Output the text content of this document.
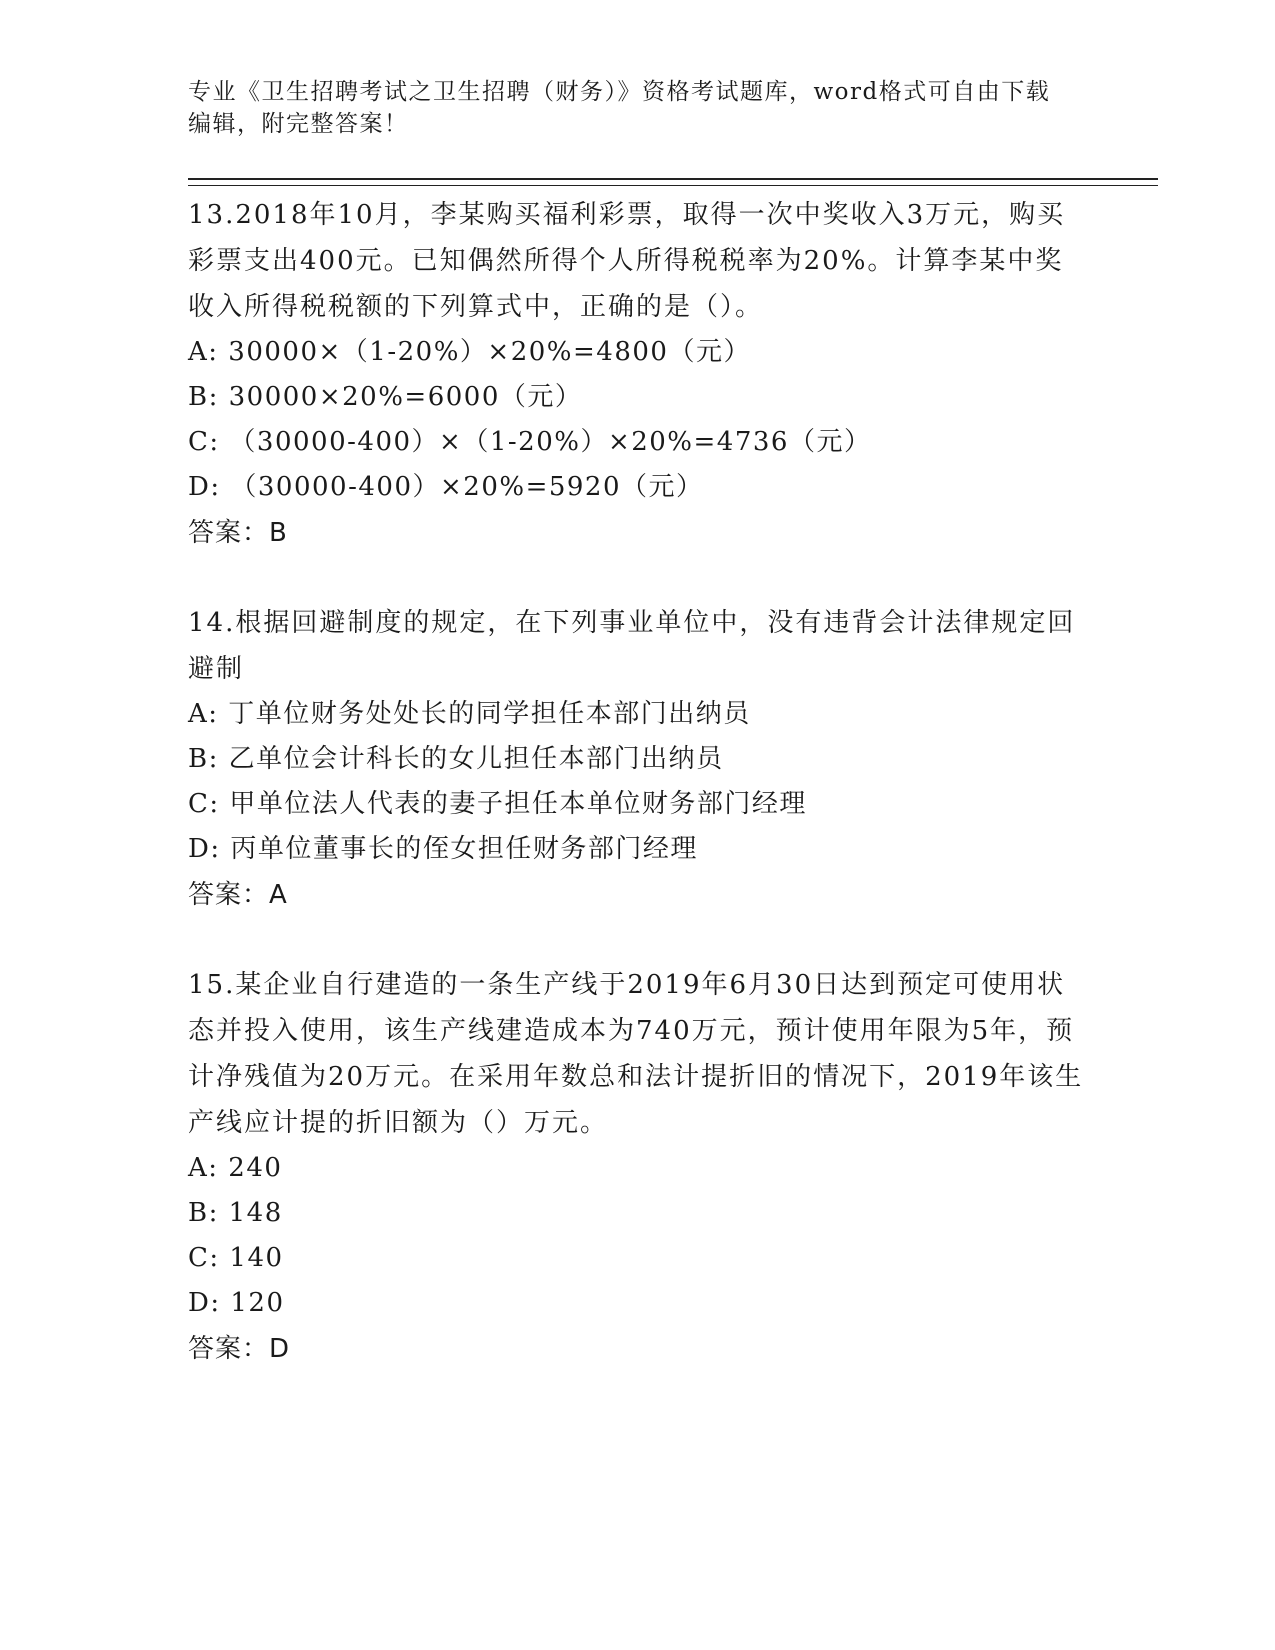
专业《卫生招聘考试之卫生招聘（财务）》资格考试题库，word格式可自由下载编辑，附完整答案！

13.2018年10月，李某购买福利彩票，取得一次中奖收入3万元，购买彩票支出400元。已知偶然所得个人所得税税率为20%。计算李某中奖收入所得税税额的下列算式中，正确的是（）。

A: 30000×（1-20%）×20%=4800（元）

B: 30000×20%=6000（元）

C: （30000-400）×（1-20%）×20%=4736（元）

D: （30000-400）×20%=5920（元）

答案：B

14.根据回避制度的规定，在下列事业单位中，没有违背会计法律规定回避制

A: 丁单位财务处处长的同学担任本部门出纳员

B: 乙单位会计科长的女儿担任本部门出纳员

C: 甲单位法人代表的妻子担任本单位财务部门经理

D: 丙单位董事长的侄女担任财务部门经理

答案：A

15.某企业自行建造的一条生产线于2019年6月30日达到预定可使用状态并投入使用，该生产线建造成本为740万元，预计使用年限为5年，预计净残值为20万元。在采用年数总和法计提折旧的情况下，2019年该生产线应计提的折旧额为（）万元。

A: 240

B: 148

C: 140

D: 120

答案：D
